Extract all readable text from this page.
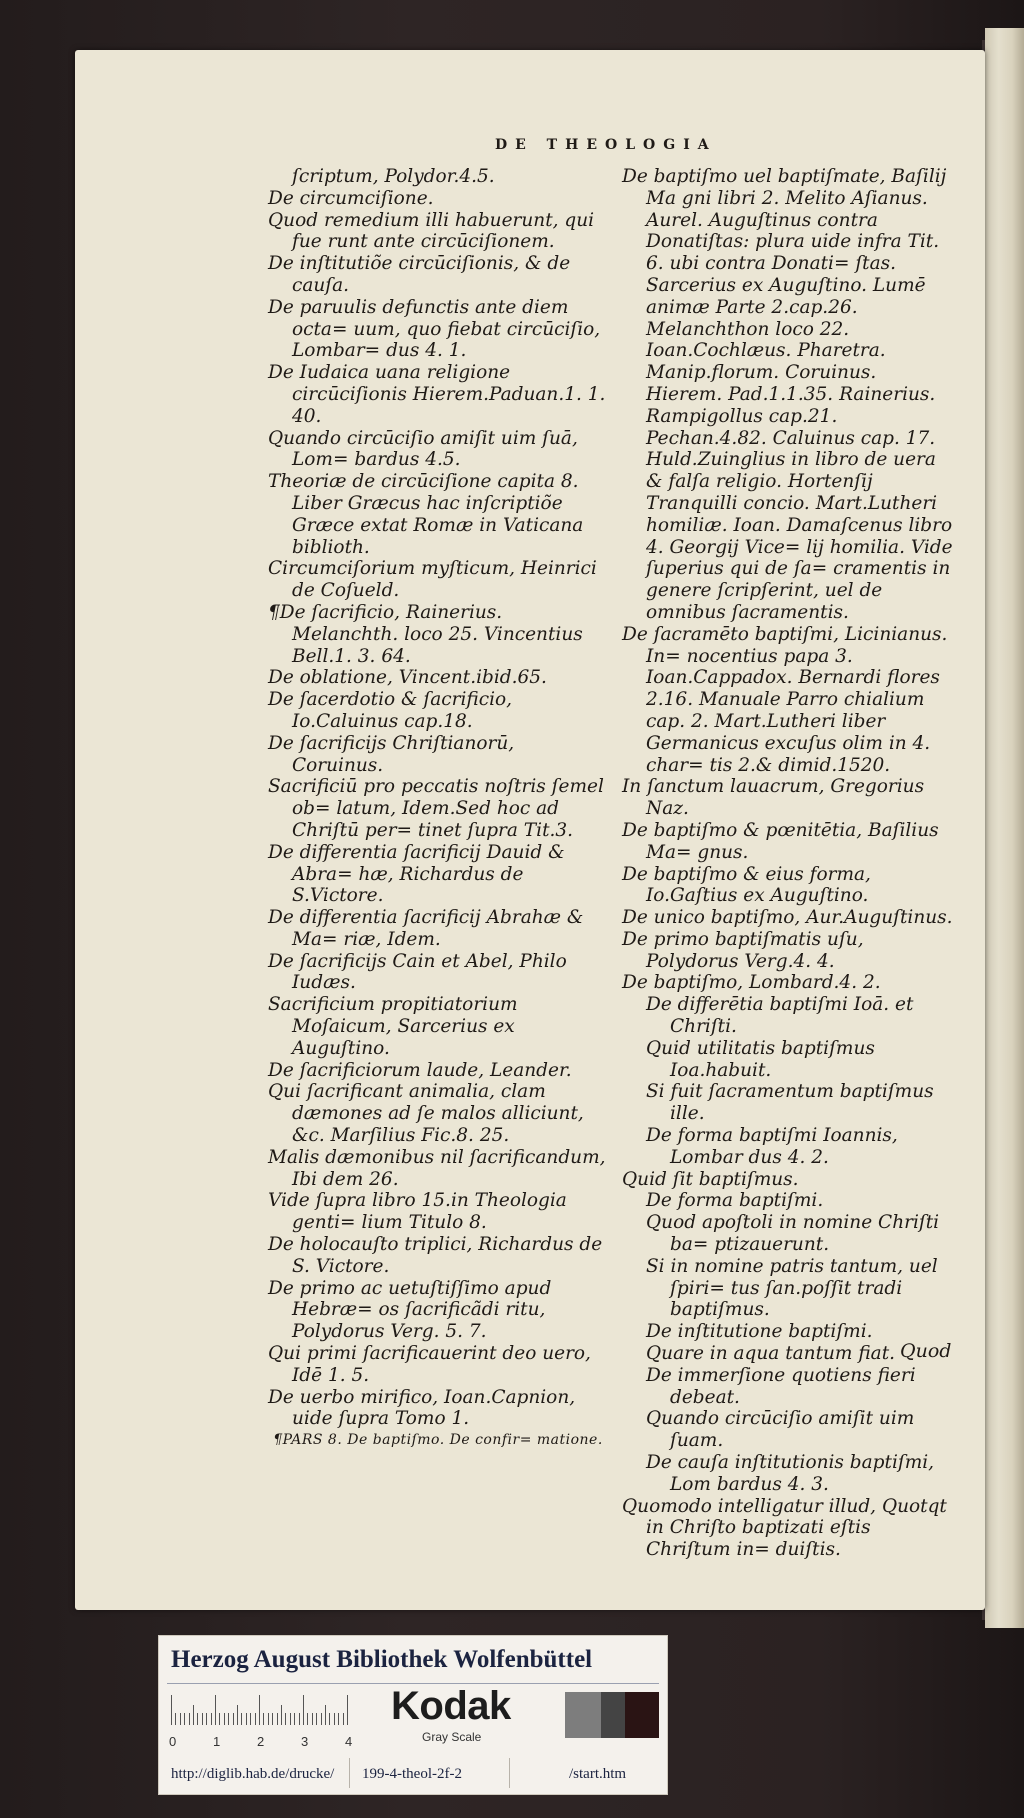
DE THEOLOGIA

ſcriptum, Polydor.4.5.

De circumciſione.

Quod remedium illi habuerunt, qui fue runt ante circūciſionem.

De inſtitutiõe circūciſionis, & de cauſa.

De paruulis defunctis ante diem octa= uum, quo fiebat circūciſio, Lombar= dus 4. 1.

De Iudaica uana religione circūciſionis Hierem.Paduan.1. 1. 40.

Quando circūciſio amiſit uim ſuā, Lom= bardus 4.5.

Theoriæ de circūciſione capita 8. Liber Græcus hac inſcriptiõe Græce extat Romæ in Vaticana biblioth.

Circumciſorium myſticum, Heinrici de Coſueld.

¶De ſacrificio, Rainerius. Melanchth. loco 25. Vincentius Bell.1. 3. 64.

De oblatione, Vincent.ibid.65.

De ſacerdotio & ſacrificio, Io.Caluinus cap.18.

De ſacrificijs Chriſtianorū, Coruinus.

Sacrificiū pro peccatis noſtris ſemel ob= latum, Idem.Sed hoc ad Chriſtū per= tinet ſupra Tit.3.

De differentia ſacrificij Dauid & Abra= hæ, Richardus de S.Victore.

De differentia ſacrificij Abrahæ & Ma= riæ, Idem.

De ſacrificijs Cain et Abel, Philo Iudæs.

Sacrificium propitiatorium Moſaicum, Sarcerius ex Auguſtino.

De ſacrificiorum laude, Leander.

Qui ſacrificant animalia, clam dæmones ad ſe malos alliciunt, &c. Marſilius Fic.8. 25.

Malis dæmonibus nil ſacrificandum, Ibi dem 26.

Vide ſupra libro 15.in Theologia genti= lium Titulo 8.

De holocauſto triplici, Richardus de S. Victore.

De primo ac uetuſtiſſimo apud Hebræ= os ſacrificãdi ritu, Polydorus Verg. 5. 7.

Qui primi ſacrificauerint deo uero, Idē 1. 5.

De uerbo mirifico, Ioan.Capnion, uide ſupra Tomo 1.

¶PARS 8. De baptiſmo. De confir= matione.

De baptiſmo uel baptiſmate, Baſilij Ma gni libri 2. Melito Aſianus. Aurel. Auguſtinus contra Donatiſtas: plura uide infra Tit. 6. ubi contra Donati= ſtas. Sarcerius ex Auguſtino. Lumē animæ Parte 2.cap.26. Melanchthon loco 22. Ioan.Cochlæus. Pharetra. Manip.florum. Coruinus. Hierem. Pad.1.1.35. Rainerius. Rampigollus cap.21. Pechan.4.82. Caluinus cap. 17. Huld.Zuinglius in libro de uera & falſa religio. Hortenſij Tranquilli concio. Mart.Lutheri homiliæ. Ioan. Damaſcenus libro 4. Georgij Vice= lij homilia. Vide ſuperius qui de ſa= cramentis in genere ſcripſerint, uel de omnibus ſacramentis.

De ſacramēto baptiſmi, Licinianus. In= nocentius papa 3. Ioan.Cappadox. Bernardi flores 2.16. Manuale Parro chialium cap. 2. Mart.Lutheri liber Germanicus excuſus olim in 4. char= tis 2.& dimid.1520.

In ſanctum lauacrum, Gregorius Naz.

De baptiſmo & pœnitētia, Baſilius Ma= gnus.

De baptiſmo & eius forma, Io.Gaſtius ex Auguſtino.

De unico baptiſmo, Aur.Auguſtinus.

De primo baptiſmatis uſu, Polydorus Verg.4. 4.

De baptiſmo, Lombard.4. 2.

De differētia baptiſmi Ioā. et Chriſti.

Quid utilitatis baptiſmus Ioa.habuit.

Si fuit ſacramentum baptiſmus ille.

De forma baptiſmi Ioannis, Lombar dus 4. 2.

Quid ſit baptiſmus.

De forma baptiſmi.

Quod apoſtoli in nomine Chriſti ba= ptizauerunt.

Si in nomine patris tantum, uel ſpiri= tus ſan.poſſit tradi baptiſmus.

De inſtitutione baptiſmi.

Quare in aqua tantum fiat.

De immerſione quotiens fieri debeat.

Quando circūciſio amiſit uim ſuam.

De cauſa inſtitutionis baptiſmi, Lom bardus 4. 3.

Quomodo intelligatur illud, Quotqt in Chriſto baptizati eſtis Chriſtum in= duiſtis.

Quod
Herzog August Bibliothek Wolfenbüttel
0	1	2	3	4
Kodak
Gray Scale
http://diglib.hab.de/drucke/ 199-4-theol-2f-2	/start.htm
